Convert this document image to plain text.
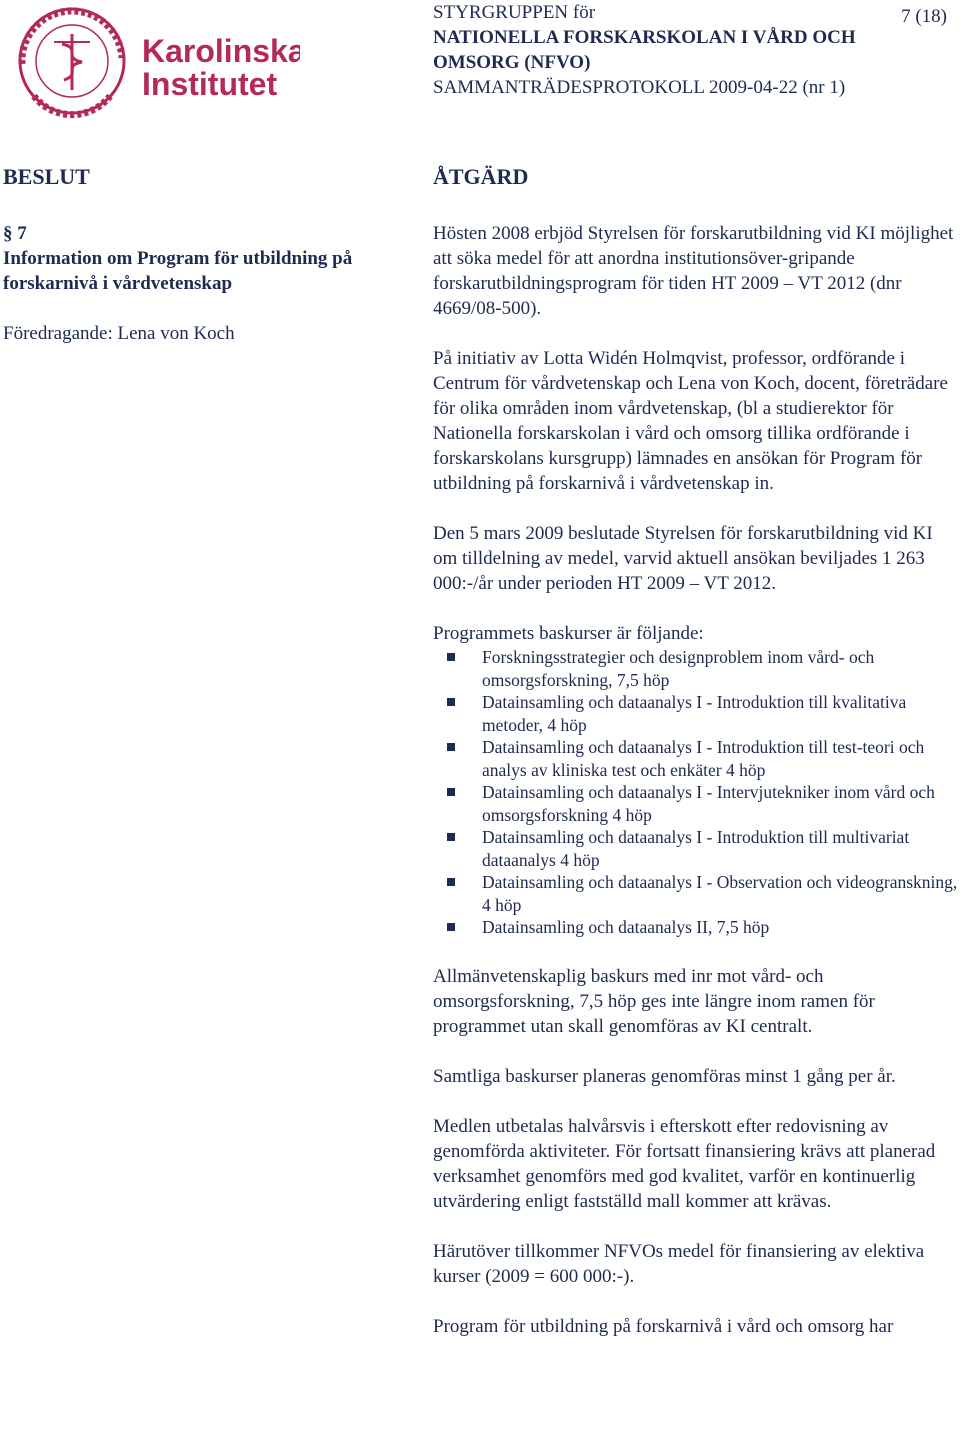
Karolinska
Institutet
STYRGRUPPEN för	7 (18)
NATIONELLA FORSKARSKOLAN I VÅRD OCH
OMSORG (NFVO)
SAMMANTRÄDESPROTOKOLL 2009-04-22 (nr 1)
BESLUT

§ 7

Information om Program för utbildning på

forskarnivå i vårdvetenskap

Föredragande: Lena von Koch

ÅTGÄRD

Hösten 2008 erbjöd Styrelsen för forskarutbildning vid KI möjlighet att söka medel för att anordna institutionsöver-gripande forskarutbildningsprogram för tiden HT 2009 – VT 2012 (dnr 4669/08-500).

På initiativ av Lotta Widén Holmqvist, professor, ordförande i Centrum för vårdvetenskap och Lena von Koch, docent, företrädare för olika områden inom vårdvetenskap, (bl a studierektor för Nationella forskarskolan i vård och omsorg tillika ordförande i forskarskolans kursgrupp) lämnades en ansökan för Program för utbildning på forskarnivå i vårdvetenskap in.

Den 5 mars 2009 beslutade Styrelsen för forskarutbildning vid KI om tilldelning av medel, varvid aktuell ansökan beviljades 1 263 000:-/år under perioden HT 2009 – VT 2012.

Programmets baskurser är följande:

Forskningsstrategier och designproblem inom vård- och omsorgsforskning, 7,5 höp
Datainsamling och dataanalys I - Introduktion till kvalitativa metoder, 4 höp
Datainsamling och dataanalys I - Introduktion till test-teori och analys av kliniska test och enkäter 4 höp
Datainsamling och dataanalys I - Intervjutekniker inom vård och omsorgsforskning 4 höp
Datainsamling och dataanalys I - Introduktion till multivariat dataanalys 4 höp
Datainsamling och dataanalys I - Observation och videogranskning, 4 höp
Datainsamling och dataanalys II, 7,5 höp

Allmänvetenskaplig baskurs med inr mot vård- och omsorgsforskning, 7,5 höp ges inte längre inom ramen för programmet utan skall genomföras av KI centralt.

Samtliga baskurser planeras genomföras minst 1 gång per år.

Medlen utbetalas halvårsvis i efterskott efter redovisning av genomförda aktiviteter. För fortsatt finansiering krävs att planerad verksamhet genomförs med god kvalitet, varför en kontinuerlig utvärdering enligt fastställd mall kommer att krävas.

Härutöver tillkommer NFVOs medel för finansiering av elektiva kurser (2009 = 600 000:-).

Program för utbildning på forskarnivå i vård och omsorg har
